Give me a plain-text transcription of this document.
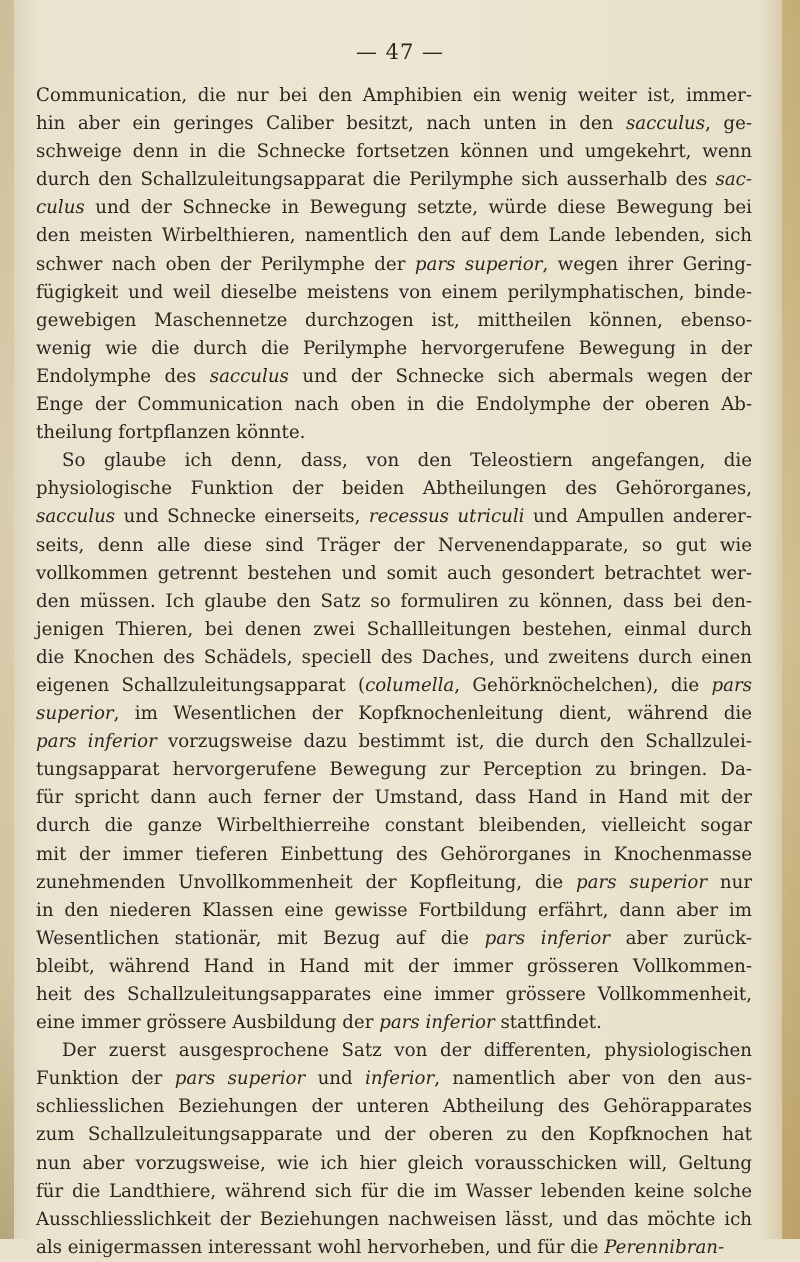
— 47 —

Communication, die nur bei den Amphibien ein wenig weiter ist, immer-
hin aber ein geringes Caliber besitzt, nach unten in den sacculus, ge-
schweige denn in die Schnecke fortsetzen können und umgekehrt, wenn
durch den Schallzuleitungsapparat die Perilymphe sich ausserhalb des sac-
culus und der Schnecke in Bewegung setzte, würde diese Bewegung bei
den meisten Wirbelthieren, namentlich den auf dem Lande lebenden, sich
schwer nach oben der Perilymphe der pars superior, wegen ihrer Gering-
fügigkeit und weil dieselbe meistens von einem perilymphatischen, binde-
gewebigen Maschennetze durchzogen ist, mittheilen können, ebenso-
wenig wie die durch die Perilymphe hervorgerufene Bewegung in der
Endolymphe des sacculus und der Schnecke sich abermals wegen der
Enge der Communication nach oben in die Endolymphe der oberen Ab-
theilung fortpflanzen könnte.

So glaube ich denn, dass, von den Teleostiern angefangen, die
physiologische Funktion der beiden Abtheilungen des Gehörorganes,
sacculus und Schnecke einerseits, recessus utriculi und Ampullen anderer-
seits, denn alle diese sind Träger der Nervenendapparate, so gut wie
vollkommen getrennt bestehen und somit auch gesondert betrachtet wer-
den müssen. Ich glaube den Satz so formuliren zu können, dass bei den-
jenigen Thieren, bei denen zwei Schallleitungen bestehen, einmal durch
die Knochen des Schädels, speciell des Daches, und zweitens durch einen
eigenen Schallzuleitungsapparat (columella, Gehörknöchelchen), die pars
superior, im Wesentlichen der Kopfknochenleitung dient, während die
pars inferior vorzugsweise dazu bestimmt ist, die durch den Schallzulei-
tungsapparat hervorgerufene Bewegung zur Perception zu bringen. Da-
für spricht dann auch ferner der Umstand, dass Hand in Hand mit der
durch die ganze Wirbelthierreihe constant bleibenden, vielleicht sogar
mit der immer tieferen Einbettung des Gehörorganes in Knochenmasse
zunehmenden Unvollkommenheit der Kopfleitung, die pars superior nur
in den niederen Klassen eine gewisse Fortbildung erfährt, dann aber im
Wesentlichen stationär, mit Bezug auf die pars inferior aber zurück-
bleibt, während Hand in Hand mit der immer grösseren Vollkommen-
heit des Schallzuleitungsapparates eine immer grössere Vollkommenheit,
eine immer grössere Ausbildung der pars inferior stattfindet.

Der zuerst ausgesprochene Satz von der differenten, physiologischen
Funktion der pars superior und inferior, namentlich aber von den aus-
schliesslichen Beziehungen der unteren Abtheilung des Gehörapparates
zum Schallzuleitungsapparate und der oberen zu den Kopfknochen hat
nun aber vorzugsweise, wie ich hier gleich vorausschicken will, Geltung
für die Landthiere, während sich für die im Wasser lebenden keine solche
Ausschliesslichkeit der Beziehungen nachweisen lässt, und das möchte ich
als einigermassen interessant wohl hervorheben, und für die Perennibran-
